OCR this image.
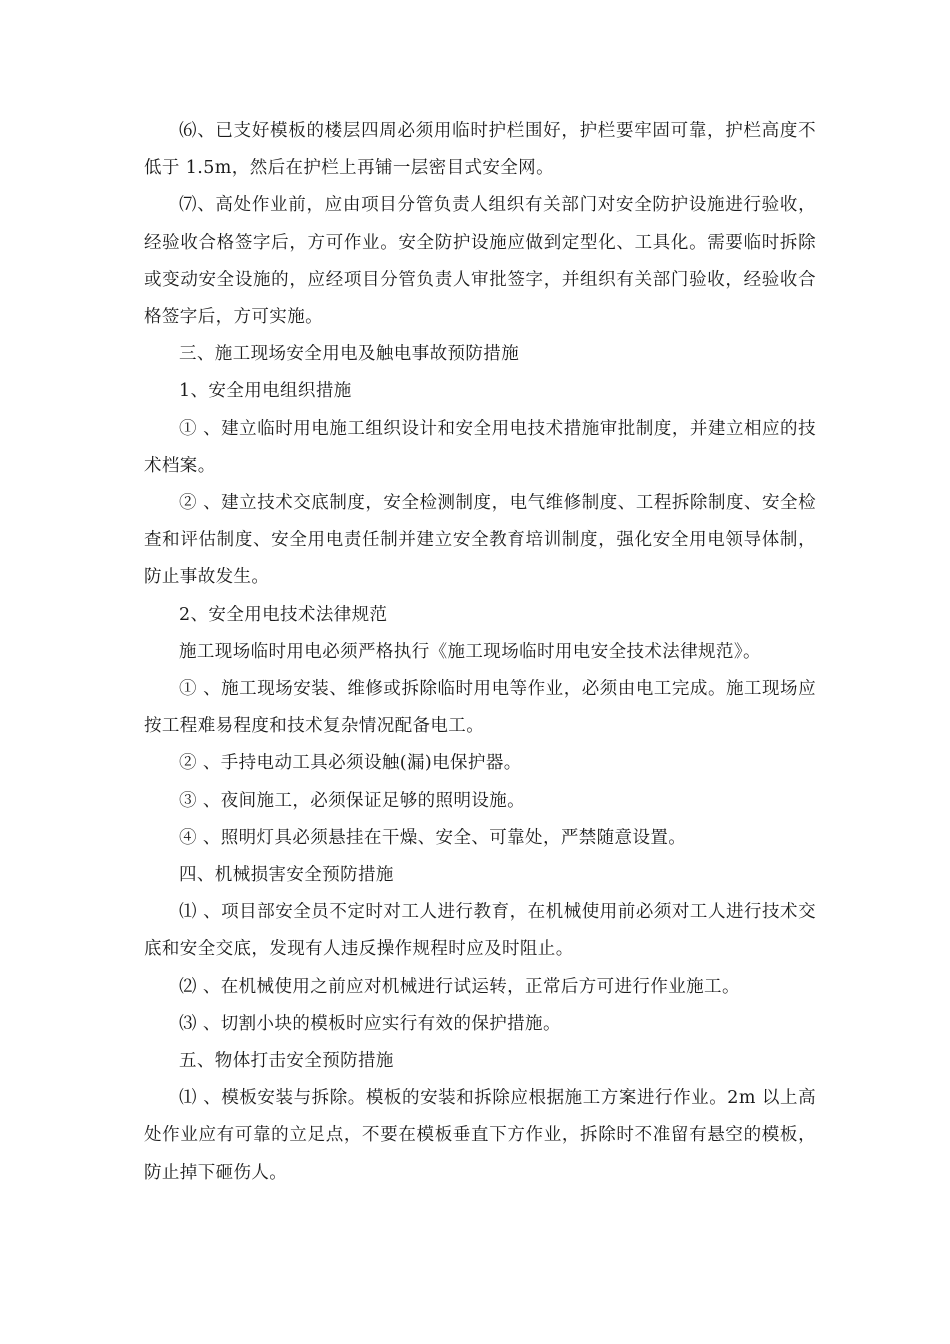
⑹、已支好模板的楼层四周必须用临时护栏围好，护栏要牢固可靠，护栏高度不低于 1.5m，然后在护栏上再铺一层密目式安全网。

⑺、高处作业前，应由项目分管负责人组织有关部门对安全防护设施进行验收，经验收合格签字后，方可作业。安全防护设施应做到定型化、工具化。需要临时拆除或变动安全设施的，应经项目分管负责人审批签字，并组织有关部门验收，经验收合格签字后，方可实施。

三、施工现场安全用电及触电事故预防措施

1、安全用电组织措施

① 、建立临时用电施工组织设计和安全用电技术措施审批制度，并建立相应的技术档案。

② 、建立技术交底制度，安全检测制度，电气维修制度、工程拆除制度、安全检查和评估制度、安全用电责任制并建立安全教育培训制度，强化安全用电领导体制，防止事故发生。

2、安全用电技术法律规范

施工现场临时用电必须严格执行《施工现场临时用电安全技术法律规范》。

① 、施工现场安装、维修或拆除临时用电等作业，必须由电工完成。施工现场应按工程难易程度和技术复杂情况配备电工。

② 、手持电动工具必须设触(漏)电保护器。

③ 、夜间施工，必须保证足够的照明设施。

④ 、照明灯具必须悬挂在干燥、安全、可靠处，严禁随意设置。

四、机械损害安全预防措施

⑴ 、项目部安全员不定时对工人进行教育，在机械使用前必须对工人进行技术交底和安全交底，发现有人违反操作规程时应及时阻止。

⑵ 、在机械使用之前应对机械进行试运转，正常后方可进行作业施工。

⑶ 、切割小块的模板时应实行有效的保护措施。

五、物体打击安全预防措施

⑴ 、模板安装与拆除。模板的安装和拆除应根据施工方案进行作业。2m 以上高处作业应有可靠的立足点，不要在模板垂直下方作业，拆除时不准留有悬空的模板，防止掉下砸伤人。
